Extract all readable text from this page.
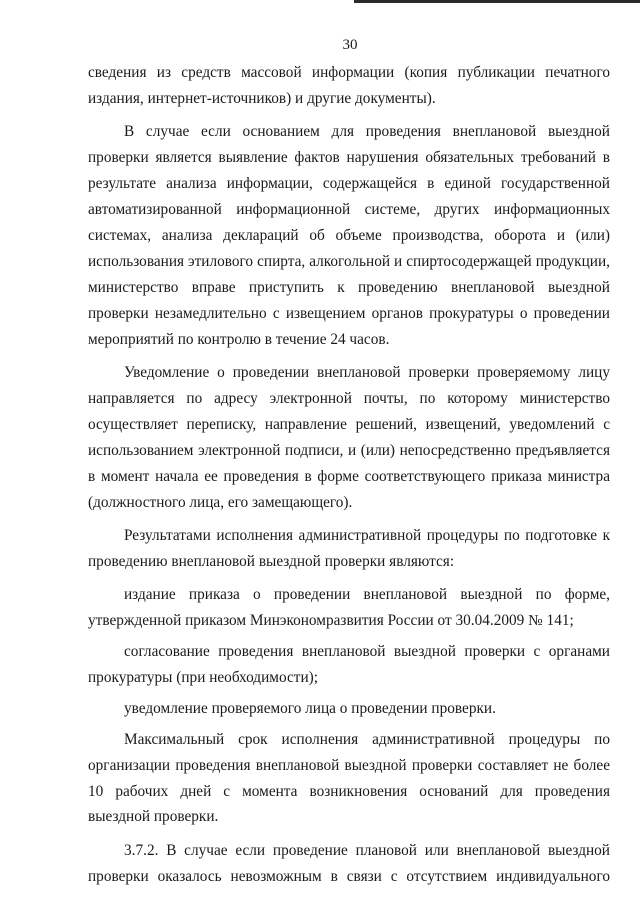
30

сведения из средств массовой информации (копия публикации печатного издания, интернет-источников) и другие документы).

В случае если основанием для проведения внеплановой выездной проверки является выявление фактов нарушения обязательных требований в результате анализа информации, содержащейся в единой государственной автоматизированной информационной системе, других информационных системах, анализа деклараций об объеме производства, оборота и (или) использования этилового спирта, алкогольной и спиртосодержащей продукции, министерство вправе приступить к проведению внеплановой выездной проверки незамедлительно с извещением органов прокуратуры о проведении мероприятий по контролю в течение 24 часов.

Уведомление о проведении внеплановой проверки проверяемому лицу направляется по адресу электронной почты, по которому министерство осуществляет переписку, направление решений, извещений, уведомлений с использованием электронной подписи, и (или) непосредственно предъявляется в момент начала ее проведения в форме соответствующего приказа министра (должностного лица, его замещающего).

Результатами исполнения административной процедуры по подготовке к проведению внеплановой выездной проверки являются:

издание приказа о проведении внеплановой выездной по форме, утвержденной приказом Минэкономразвития России от 30.04.2009 № 141;

согласование проведения внеплановой выездной проверки с органами прокуратуры (при необходимости);

уведомление проверяемого лица о проведении проверки.

Максимальный срок исполнения административной процедуры по организации проведения внеплановой выездной проверки составляет не более 10 рабочих дней с момента возникновения оснований для проведения выездной проверки.

3.7.2. В случае если проведение плановой или внеплановой выездной проверки оказалось невозможным в связи с отсутствием индивидуального
